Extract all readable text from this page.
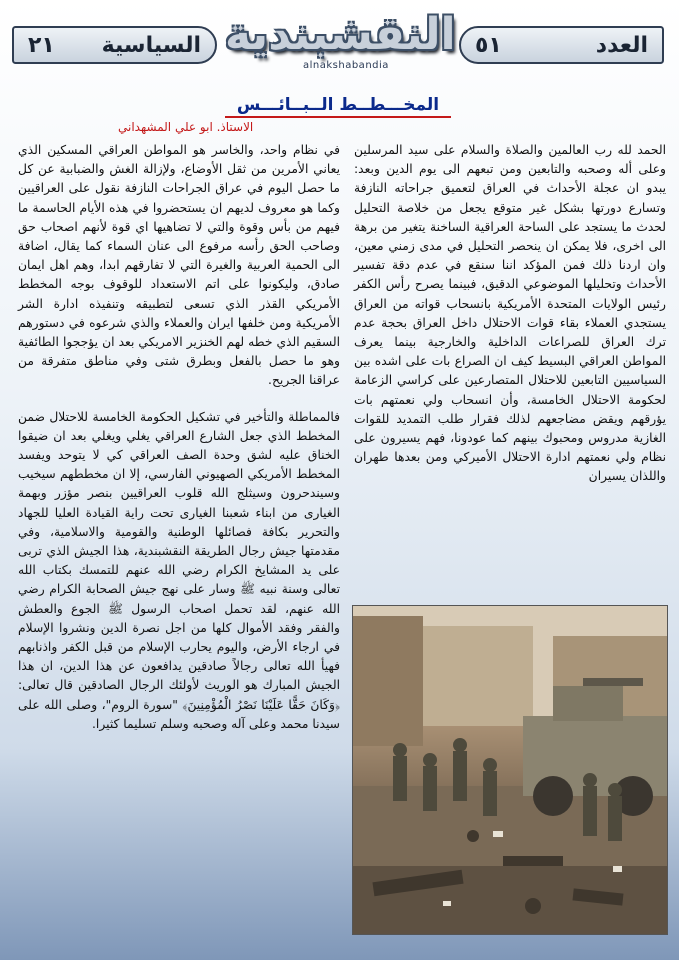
٢١ السياسية النقشبندية
alnakshabandia
٥١	العدد
المخـــطــط الــبــائـــس
الاستاذ. ابو علي المشهداني

الحمد لله رب العالمين والصلاة والسلام على سيد المرسلين وعلى أله وصحبه والتابعين ومن تبعهم الى يوم الدين وبعد: يبدو ان عجلة الأحداث في العراق لتعميق جراحاته النازفة وتسارع دورتها بشكل غير متوقع يجعل من خلاصة التحليل لحدث ما يستجد على الساحة العراقية الساخنة يتغير من برهة الى اخرى، فلا يمكن ان ينحصر التحليل في مدى زمني معين، وان اردنا ذلك فمن المؤكد اننا سنقع في عدم دقة تفسير الأحداث وتحليلها الموضوعي الدقيق، فبينما يصرح رأس الكفر رئيس الولايات المتحدة الأمريكية بانسحاب قواته من العراق يستجدي العملاء بقاء قوات الاحتلال داخل العراق بحجة عدم ترك العراق للصراعات الداخلية والخارجية بينما يعرف المواطن العراقي البسيط كيف ان الصراع بات على اشده بين السياسيين التابعين للاحتلال المتصارعين على كراسي الزعامة لحكومة الاحتلال الخامسة، وأن انسحاب ولي نعمتهم بات يؤرقهم ويقض مضاجعهم لذلك فقرار طلب التمديد للقوات الغازية مدروس ومحبوك بينهم كما عودونا، فهم يسيرون على نظام ولي نعمتهم ادارة الاحتلال الأميركي ومن بعدها طهران واللذان يسيران

في نظام واحد، والخاسر هو المواطن العراقي المسكين الذي يعاني الأمرين من ثقل الأوضاع، ولإزالة الغش والضبابية عن كل ما حصل اليوم في عراق الجراحات النازفة نقول على العراقيين وكما هو معروف لديهم ان يستحضروا في هذه الأيام الحاسمة ما فيهم من بأس وقوة والتي لا تضاهيها اي قوة لأنهم اصحاب حق وصاحب الحق رأسه مرفوع الى عنان السماء كما يقال، اضافة الى الحمية العربية والغيرة التي لا تفارقهم ابدا، وهم اهل ايمان صادق، وليكونوا على اتم الاستعداد للوقوف بوجه المخطط الأمريكي القذر الذي تسعى لتطبيقه وتنفيذه ادارة الشر الأمريكية ومن خلفها ايران والعملاء والذي شرعوه في دستورهم السقيم الذي خطه لهم الخنزير الامريكي بعد ان يؤججوا الطائفية وهو ما حصل بالفعل وبطرق شتى وفي مناطق متفرقة من عراقنا الجريح.

فالمماطلة والتأخير في تشكيل الحكومة الخامسة للاحتلال ضمن المخطط الذي جعل الشارع العراقي يغلي ويغلي بعد ان ضيقوا الخناق عليه لشق وحدة الصف العراقي كي لا يتوحد ويفسد المخطط الأمريكي الصهيوني الفارسي، إلا ان مخططهم سيخيب وسيندحرون وسيثلج الله قلوب العراقيين بنصر مؤزر وبهمة الغيارى من ابناء شعبنا الغيارى تحت راية القيادة العليا للجهاد والتحرير بكافة فصائلها الوطنية والقومية والاسلامية، وفي مقدمتها جيش رجال الطريقة النقشبندية، هذا الجيش الذي تربى على يد المشايخ الكرام رضي الله عنهم للتمسك بكتاب الله تعالى وسنة نبيه ﷺ وسار على نهج جيش الصحابة الكرام رضي الله عنهم، لقد تحمل اصحاب الرسول ﷺ الجوع والعطش والفقر وفقد الأموال كلها من اجل نصرة الدين ونشروا الإسلام في ارجاء الأرض، واليوم يحارب الإسلام من قبل الكفر واذنابهم فهيأ الله تعالى رجالاً صادقين يدافعون عن هذا الدين، ان هذا الجيش المبارك هو الوريث لأولئك الرجال الصادقين قال تعالى:﴿وَكَانَ حَقًّا عَلَيْنَا نَصْرُ الْمُؤْمِنِينَ﴾ "سورة الروم"، وصلى الله على سيدنا محمد وعلى آله وصحبه وسلم تسليما كثيرا.
